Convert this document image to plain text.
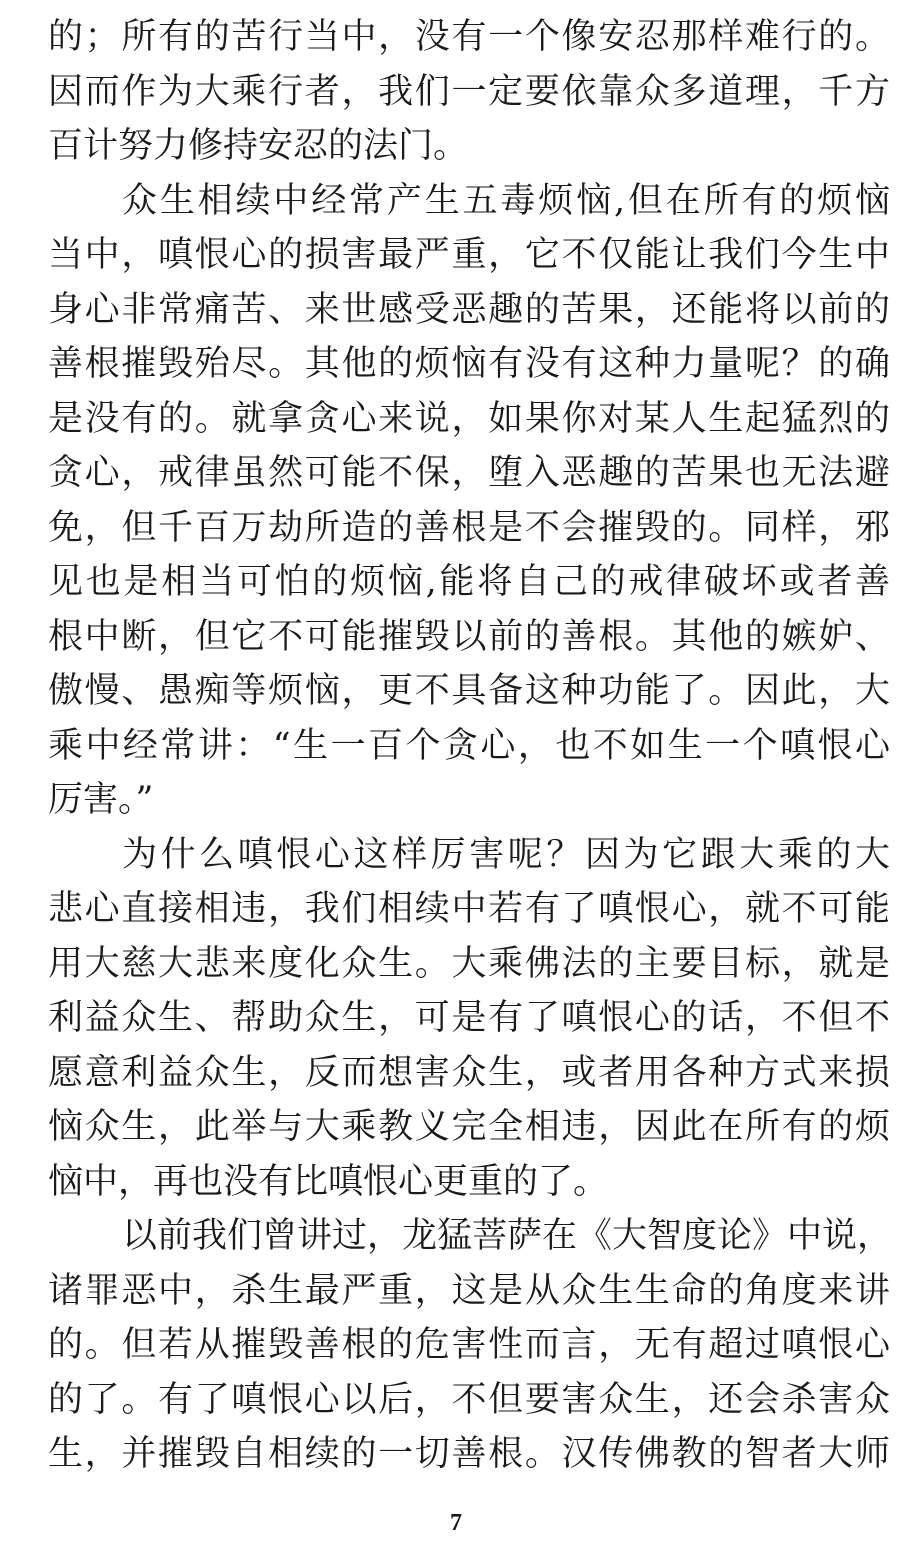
的；所有的苦行当中，没有一个像安忍那样难行的。
因而作为大乘行者，我们一定要依靠众多道理，千方
百计努力修持安忍的法门。
众生相续中经常产生五毒烦恼,但在所有的烦恼
当中，嗔恨心的损害最严重，它不仅能让我们今生中
身心非常痛苦、来世感受恶趣的苦果，还能将以前的
善根摧毁殆尽。其他的烦恼有没有这种力量呢？的确
是没有的。就拿贪心来说，如果你对某人生起猛烈的
贪心，戒律虽然可能不保，堕入恶趣的苦果也无法避
免，但千百万劫所造的善根是不会摧毁的。同样，邪
见也是相当可怕的烦恼,能将自己的戒律破坏或者善
根中断，但它不可能摧毁以前的善根。其他的嫉妒、
傲慢、愚痴等烦恼，更不具备这种功能了。因此，大
乘中经常讲：“生一百个贪心，也不如生一个嗔恨心
厉害。”
为什么嗔恨心这样厉害呢？因为它跟大乘的大
悲心直接相违，我们相续中若有了嗔恨心，就不可能
用大慈大悲来度化众生。大乘佛法的主要目标，就是
利益众生、帮助众生，可是有了嗔恨心的话，不但不
愿意利益众生，反而想害众生，或者用各种方式来损
恼众生，此举与大乘教义完全相违，因此在所有的烦
恼中，再也没有比嗔恨心更重的了。
以前我们曾讲过，龙猛菩萨在《大智度论》中说，
诸罪恶中，杀生最严重，这是从众生生命的角度来讲
的。但若从摧毁善根的危害性而言，无有超过嗔恨心
的了。有了嗔恨心以后，不但要害众生，还会杀害众
生，并摧毁自相续的一切善根。汉传佛教的智者大师
7
